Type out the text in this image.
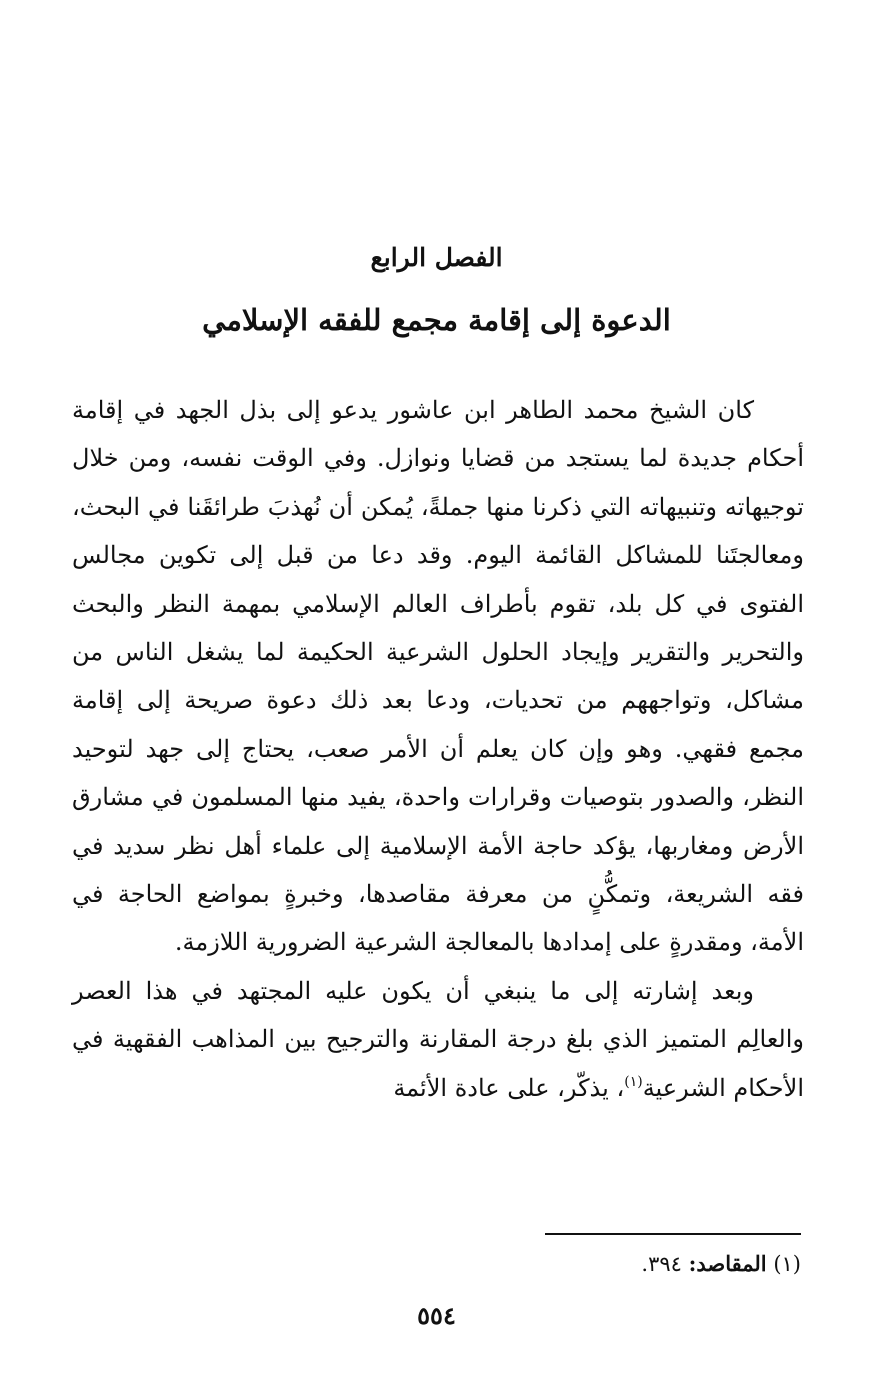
الفصل الرابع
الدعوة إلى إقامة مجمع للفقه الإسلامي

كان الشيخ محمد الطاهر ابن عاشور يدعو إلى بذل الجهد في إقامة أحكام جديدة لما يستجد من قضايا ونوازل. وفي الوقت نفسه، ومن خلال توجيهاته وتنبيهاته التي ذكرنا منها جملةً، يُمكن أن نُهذبَ طرائقَنا في البحث، ومعالجتَنا للمشاكل القائمة اليوم. وقد دعا من قبل إلى تكوين مجالس الفتوى في كل بلد، تقوم بأطراف العالم الإسلامي بمهمة النظر والبحث والتحرير والتقرير وإيجاد الحلول الشرعية الحكيمة لما يشغل الناس من مشاكل، وتواجههم من تحديات، ودعا بعد ذلك دعوة صريحة إلى إقامة مجمع فقهي. وهو وإن كان يعلم أن الأمر صعب، يحتاج إلى جهد لتوحيد النظر، والصدور بتوصيات وقرارات واحدة، يفيد منها المسلمون في مشارق الأرض ومغاربها، يؤكد حاجة الأمة الإسلامية إلى علماء أهل نظر سديد في فقه الشريعة، وتمكُّنٍ من معرفة مقاصدها، وخبرةٍ بمواضع الحاجة في الأمة، ومقدرةٍ على إمدادها بالمعالجة الشرعية الضرورية اللازمة.

وبعد إشارته إلى ما ينبغي أن يكون عليه المجتهد في هذا العصر والعالِم المتميز الذي بلغ درجة المقارنة والترجيح بين المذاهب الفقهية في الأحكام الشرعية$^{(١)}$، يذكّر، على عادة الأئمة

(١) المقاصد: ٣٩٤.
٥٥٤
